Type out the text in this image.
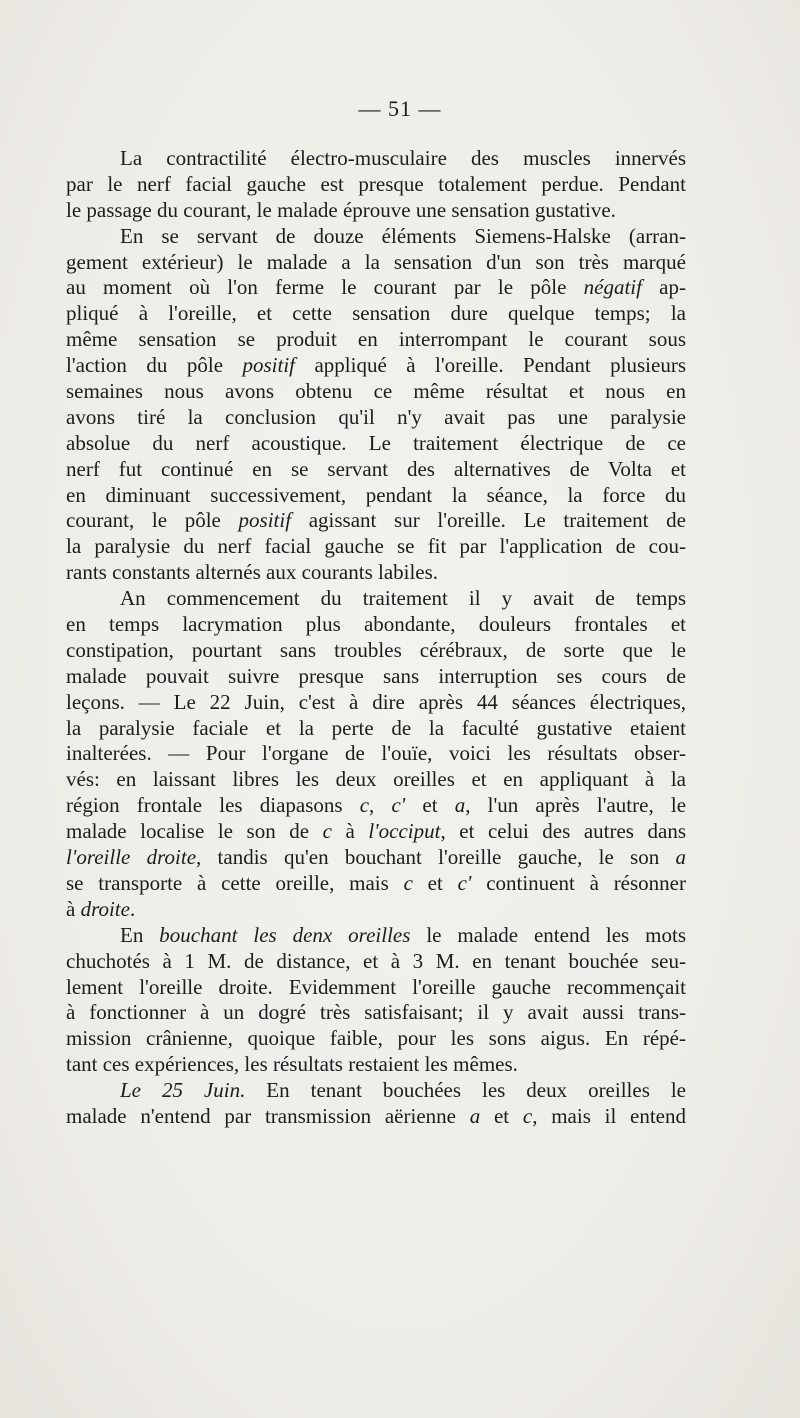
— 51 —
La contractilité électro-musculaire des muscles innervés
par le nerf facial gauche est presque totalement perdue. Pendant
le passage du courant, le malade éprouve une sensation gustative.
En se servant de douze éléments Siemens-Halske (arran-
gement extérieur) le malade a la sensation d'un son très marqué
au moment où l'on ferme le courant par le pôle négatif ap-
pliqué à l'oreille, et cette sensation dure quelque temps; la
même sensation se produit en interrompant le courant sous
l'action du pôle positif appliqué à l'oreille. Pendant plusieurs
semaines nous avons obtenu ce même résultat et nous en
avons tiré la conclusion qu'il n'y avait pas une paralysie
absolue du nerf acoustique. Le traitement électrique de ce
nerf fut continué en se servant des alternatives de Volta et
en diminuant successivement, pendant la séance, la force du
courant, le pôle positif agissant sur l'oreille. Le traitement de
la paralysie du nerf facial gauche se fit par l'application de cou-
rants constants alternés aux courants labiles.
An commencement du traitement il y avait de temps
en temps lacrymation plus abondante, douleurs frontales et
constipation, pourtant sans troubles cérébraux, de sorte que le
malade pouvait suivre presque sans interruption ses cours de
leçons. — Le 22 Juin, c'est à dire après 44 séances électriques,
la paralysie faciale et la perte de la faculté gustative etaient
inalterées. — Pour l'organe de l'ouïe, voici les résultats obser-
vés: en laissant libres les deux oreilles et en appliquant à la
région frontale les diapasons c, c' et a, l'un après l'autre, le
malade localise le son de c à l'occiput, et celui des autres dans
l'oreille droite, tandis qu'en bouchant l'oreille gauche, le son a
se transporte à cette oreille, mais c et c' continuent à résonner
à droite.
En bouchant les denx oreilles le malade entend les mots
chuchotés à 1 M. de distance, et à 3 M. en tenant bouchée seu-
lement l'oreille droite. Evidemment l'oreille gauche recommençait
à fonctionner à un dogré très satisfaisant; il y avait aussi trans-
mission crânienne, quoique faible, pour les sons aigus. En répé-
tant ces expériences, les résultats restaient les mêmes.
Le 25 Juin. En tenant bouchées les deux oreilles le
malade n'entend par transmission aërienne a et c, mais il entend
